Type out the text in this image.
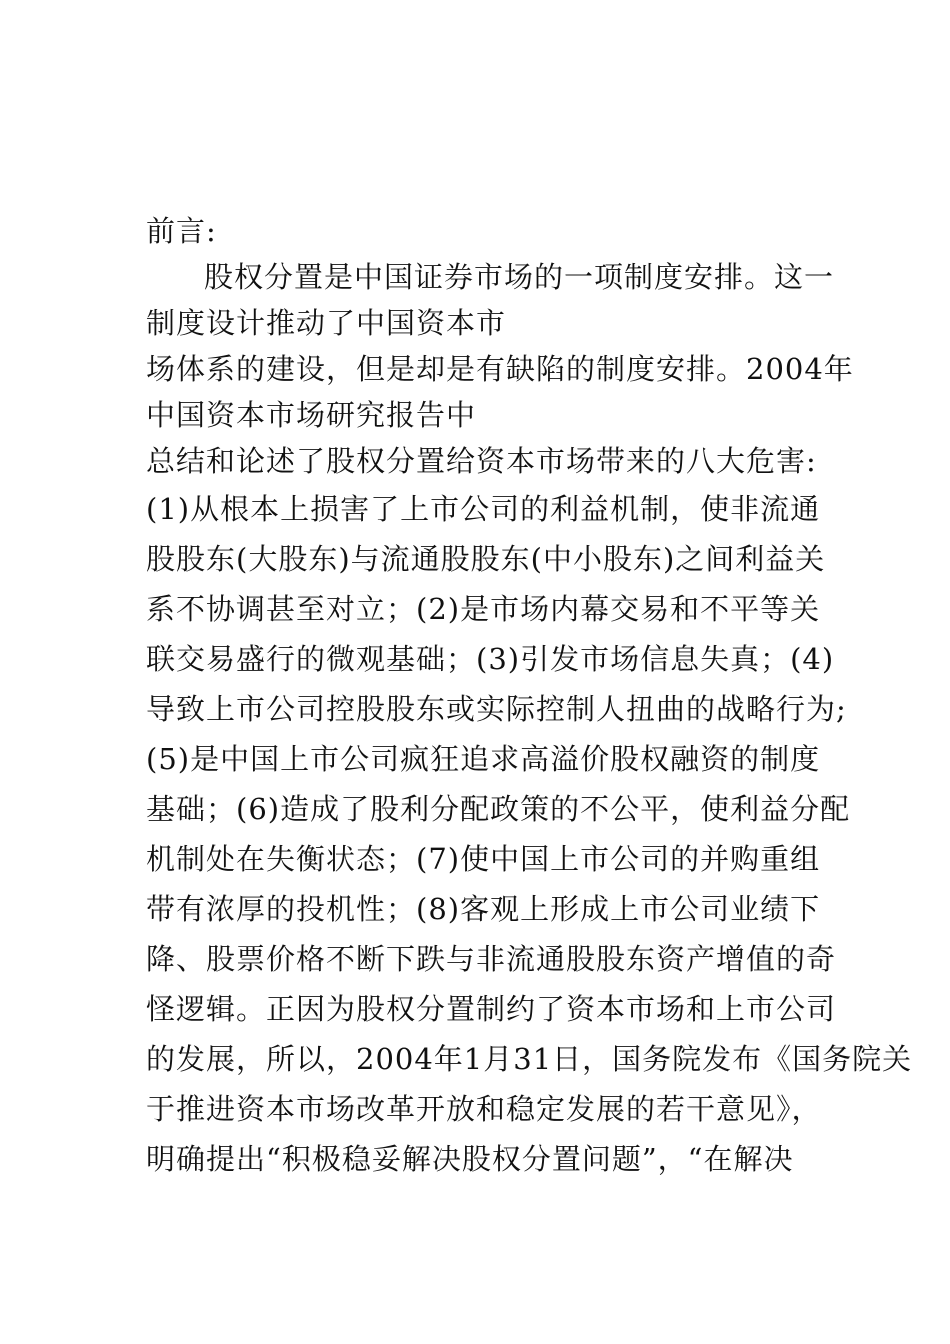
前言:
股权分置是中国证券市场的一项制度安排。这一
制度设计推动了中国资本市
场体系的建设，但是却是有缺陷的制度安排。2004年
中国资本市场研究报告中
总结和论述了股权分置给资本市场带来的八大危害:
(1)从根本上损害了上市公司的利益机制，使非流通
股股东(大股东)与流通股股东(中小股东)之间利益关
系不协调甚至对立；(2)是市场内幕交易和不平等关
联交易盛行的微观基础；(3)引发市场信息失真；(4)
导致上市公司控股股东或实际控制人扭曲的战略行为;
(5)是中国上市公司疯狂追求高溢价股权融资的制度
基础；(6)造成了股利分配政策的不公平，使利益分配
机制处在失衡状态；(7)使中国上市公司的并购重组
带有浓厚的投机性；(8)客观上形成上市公司业绩下
降、股票价格不断下跌与非流通股股东资产增值的奇
怪逻辑。正因为股权分置制约了资本市场和上市公司
的发展，所以，2004年1月31日，国务院发布《国务院关
于推进资本市场改革开放和稳定发展的若干意见》，
明确提出“积极稳妥解决股权分置问题”，“在解决
